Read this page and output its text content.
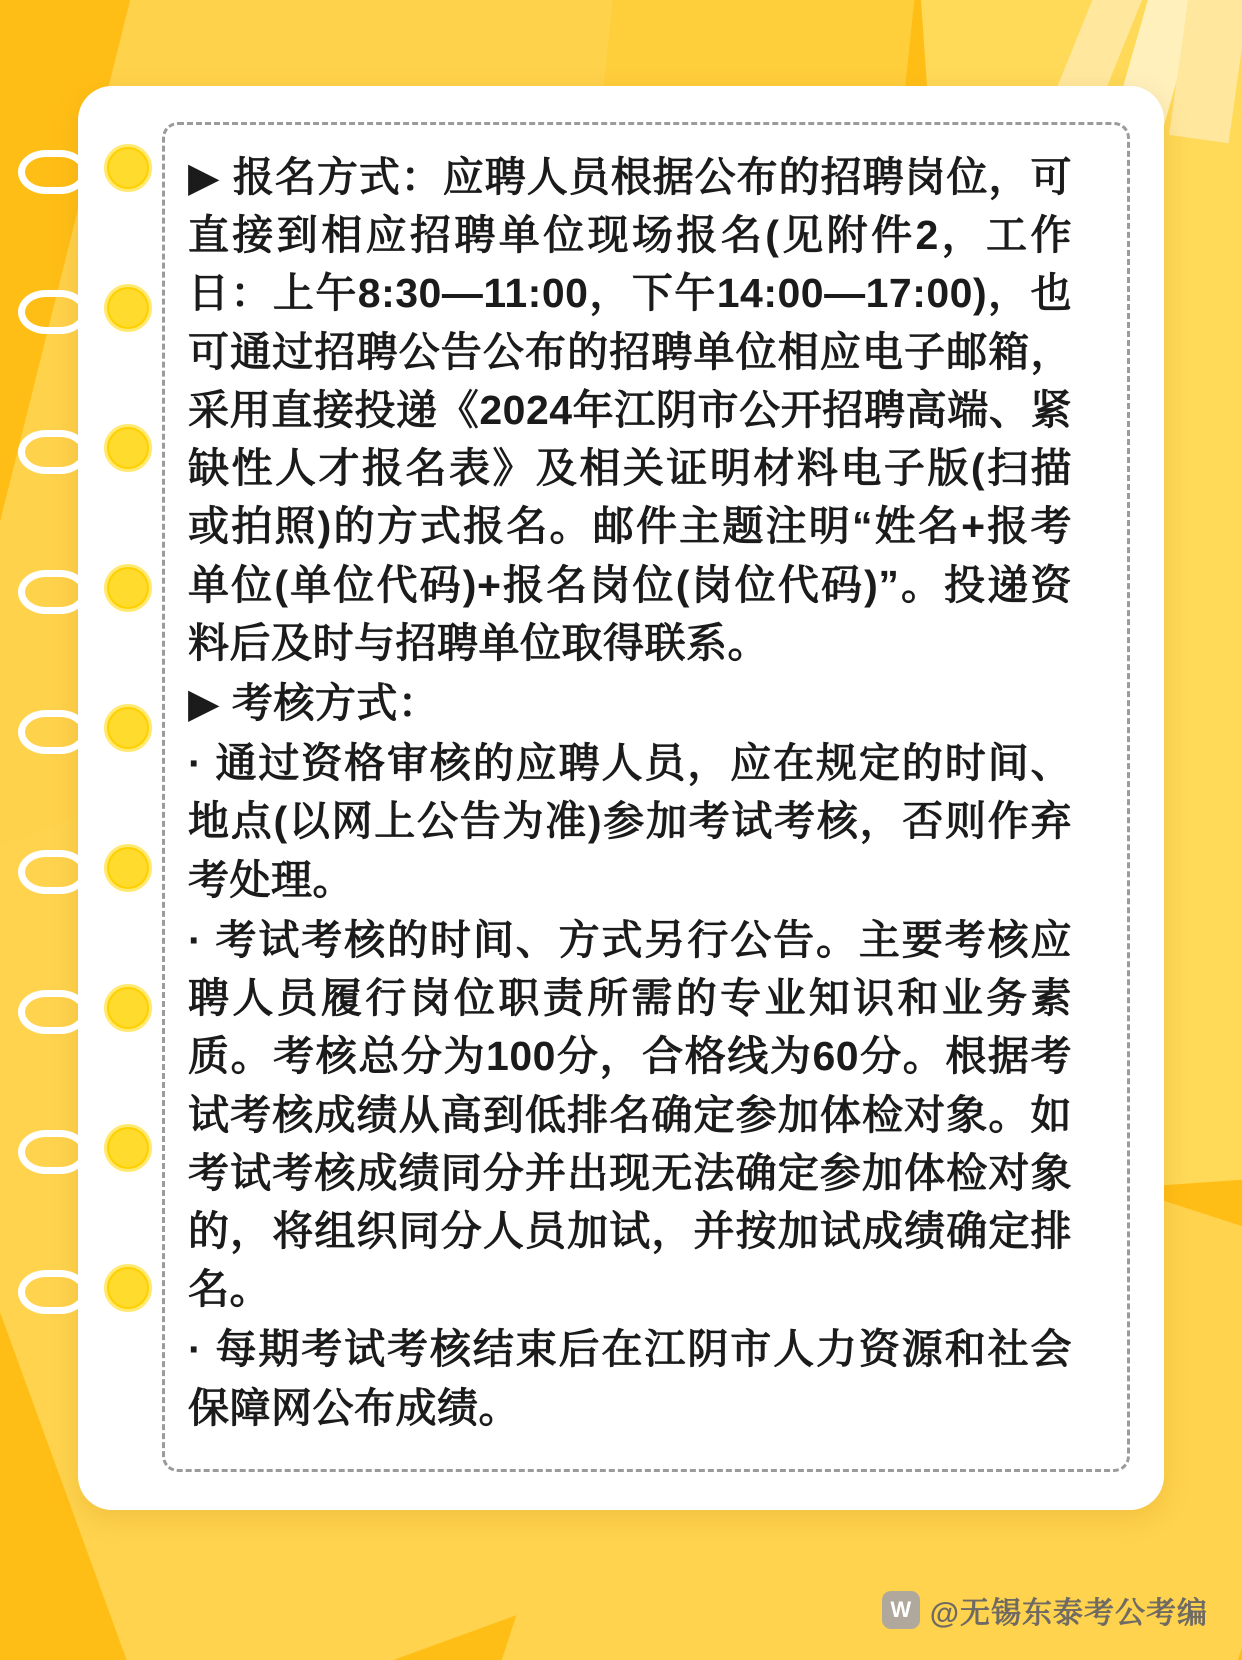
▶ 报名方式：应聘人员根据公布的招聘岗位，可直接到相应招聘单位现场报名(见附件2，工作日：上午8:30―11:00，下午14:00―17:00)，也可通过招聘公告公布的招聘单位相应电子邮箱，采用直接投递《2024年江阴市公开招聘高端、紧缺性人才报名表》及相关证明材料电子版(扫描或拍照)的方式报名。邮件主题注明“姓名+报考单位(单位代码)+报名岗位(岗位代码)”。投递资料后及时与招聘单位取得联系。

▶ 考核方式：

· 通过资格审核的应聘人员，应在规定的时间、地点(以网上公告为准)参加考试考核，否则作弃考处理。

· 考试考核的时间、方式另行公告。主要考核应聘人员履行岗位职责所需的专业知识和业务素质。考核总分为100分，合格线为60分。根据考试考核成绩从高到低排名确定参加体检对象。如考试考核成绩同分并出现无法确定参加体检对象的，将组织同分人员加试，并按加试成绩确定排名。

· 每期考试考核结束后在江阴市人力资源和社会保障网公布成绩。

W @无锡东泰考公考编
